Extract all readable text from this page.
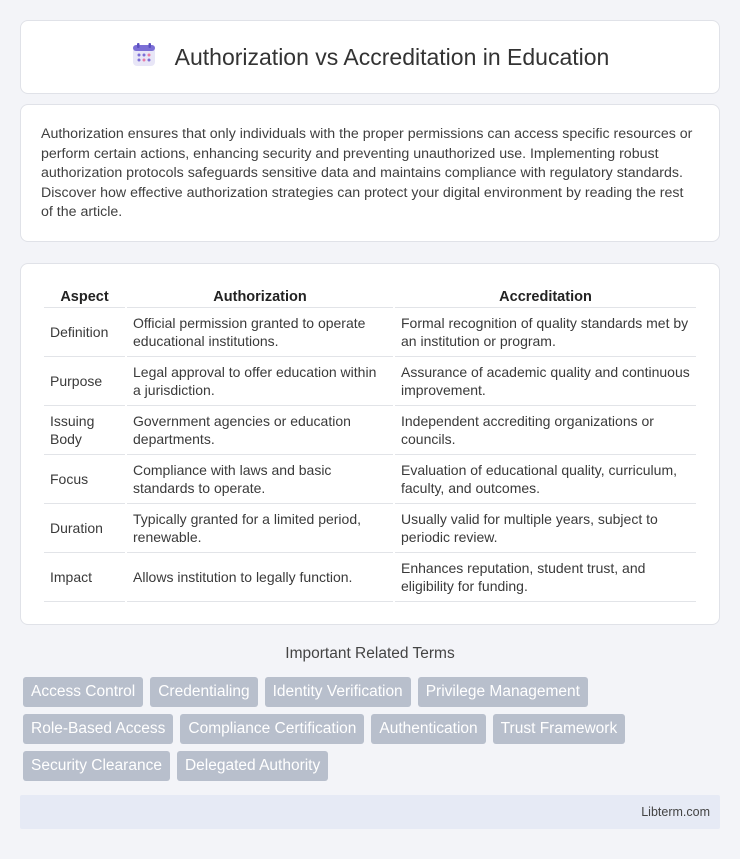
Authorization vs Accreditation in Education

Authorization ensures that only individuals with the proper permissions can access specific resources or perform certain actions, enhancing security and preventing unauthorized use. Implementing robust authorization protocols safeguards sensitive data and maintains compliance with regulatory standards. Discover how effective authorization strategies can protect your digital environment by reading the rest of the article.

Aspect	Authorization	Accreditation
Definition	Official permission granted to operate educational institutions.	Formal recognition of quality standards met by an institution or program.
Purpose	Legal approval to offer education within a jurisdiction.	Assurance of academic quality and continuous improvement.
Issuing Body	Government agencies or education departments.	Independent accrediting organizations or councils.
Focus	Compliance with laws and basic standards to operate.	Evaluation of educational quality, curriculum, faculty, and outcomes.
Duration	Typically granted for a limited period, renewable.	Usually valid for multiple years, subject to periodic review.
Impact	Allows institution to legally function.	Enhances reputation, student trust, and eligibility for funding.
Important Related Terms
Access Control	Credentialing	Identity Verification	Privilege Management
Role-Based Access	Compliance Certification	Authentication	Trust Framework
Security Clearance	Delegated Authority
Libterm.com
